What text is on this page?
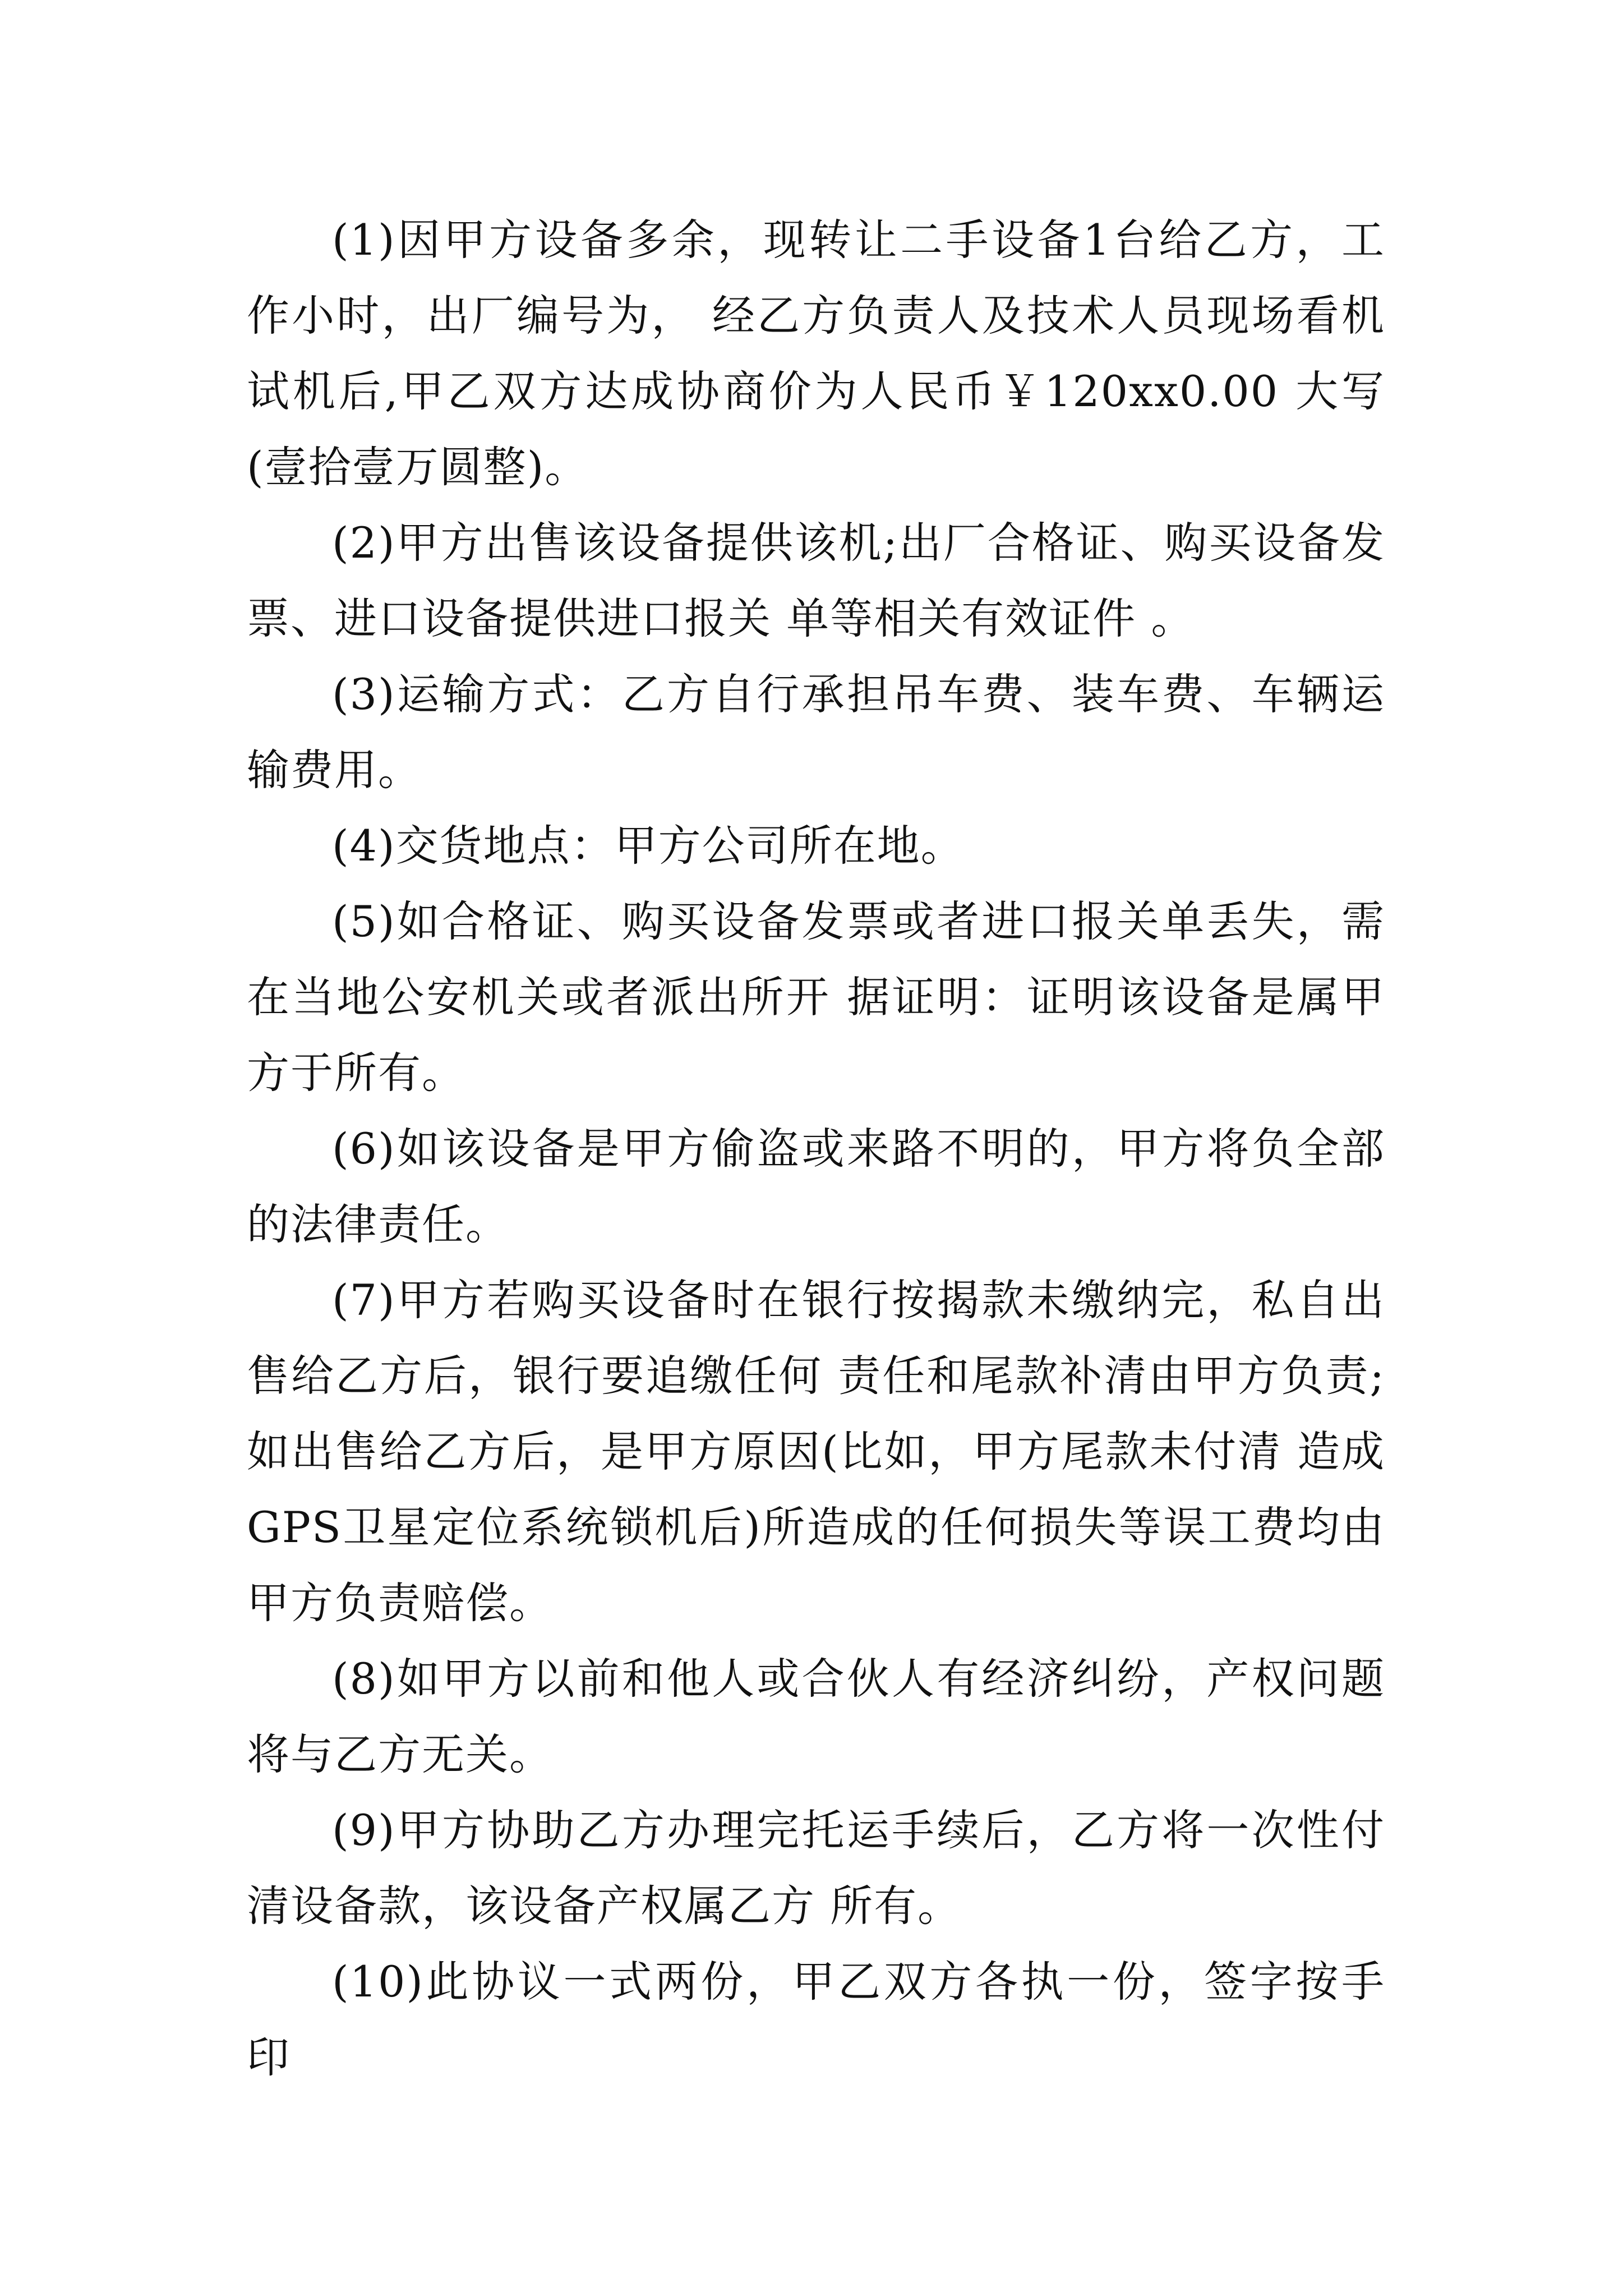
(1)因甲方设备多余，现转让二手设备1台给乙方，工作小时，出厂编号为， 经乙方负责人及技术人员现场看机试机后,甲乙双方达成协商价为人民币￥120xx0.00 大写(壹拾壹万圆整)。

(2)甲方出售该设备提供该机;出厂合格证、购买设备发票、进口设备提供进口报关 单等相关有效证件 。

(3)运输方式：乙方自行承担吊车费、装车费、车辆运输费用。

(4)交货地点：甲方公司所在地。

(5)如合格证、购买设备发票或者进口报关单丢失，需在当地公安机关或者派出所开 据证明：证明该设备是属甲方于所有。

(6)如该设备是甲方偷盗或来路不明的，甲方将负全部的法律责任。

(7)甲方若购买设备时在银行按揭款未缴纳完，私自出售给乙方后，银行要追缴任何 责任和尾款补清由甲方负责;如出售给乙方后，是甲方原因(比如，甲方尾款未付清 造成GPS卫星定位系统锁机后)所造成的任何损失等误工费均由甲方负责赔偿。

(8)如甲方以前和他人或合伙人有经济纠纷，产权问题将与乙方无关。

(9)甲方协助乙方办理完托运手续后，乙方将一次性付清设备款，该设备产权属乙方 所有。

(10)此协议一式两份，甲乙双方各执一份，签字按手印
